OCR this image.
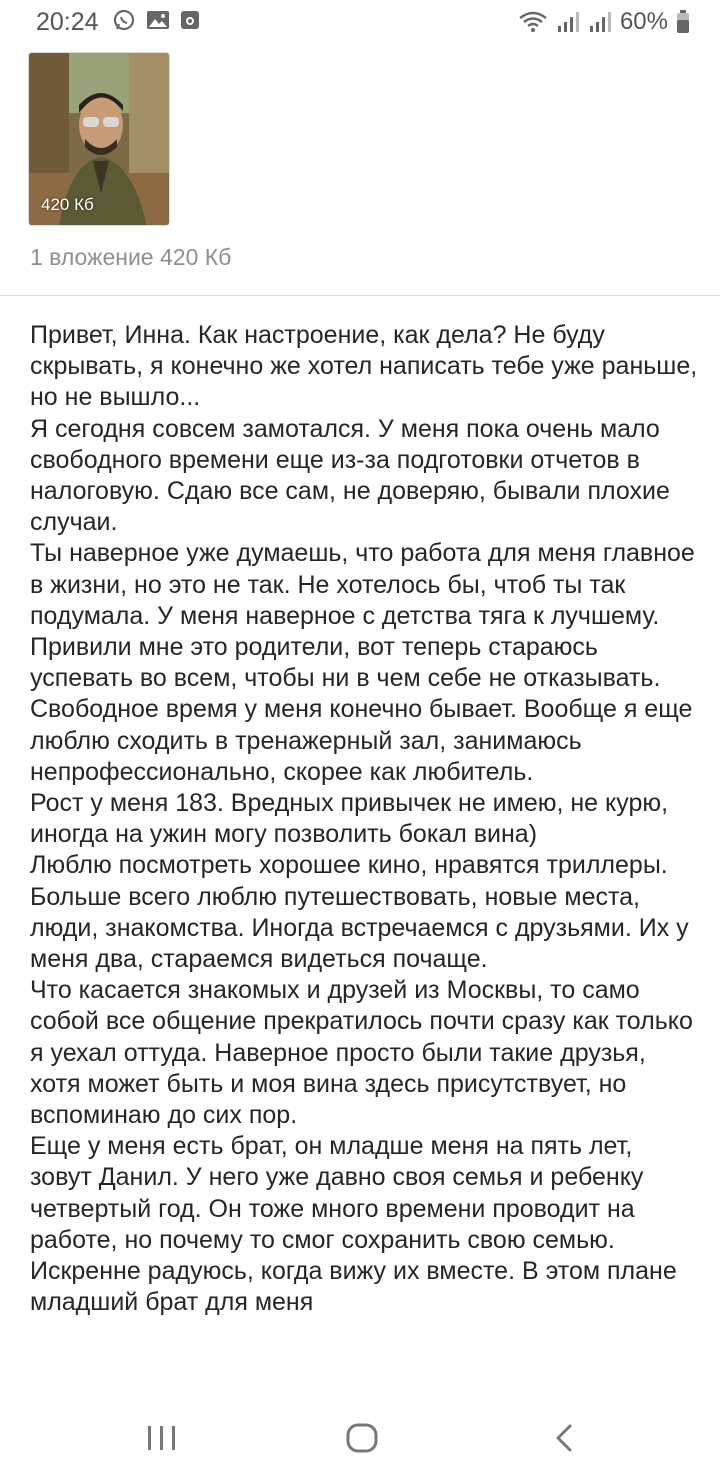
20:24	60%
420 Кб
1 вложение 420 Кб

Привет, Инна. Как настроение, как дела? Не буду скрывать, я конечно же хотел написать тебе уже раньше, но не вышло...

Я сегодня совсем замотался. У меня пока очень мало свободного времени еще из-за подготовки отчетов в налоговую. Сдаю все сам, не доверяю, бывали плохие случаи.

Ты наверное уже думаешь, что работа для меня главное в жизни, но это не так. Не хотелось бы, чтоб ты так подумала. У меня наверное с детства тяга к лучшему. Привили мне это родители, вот теперь стараюсь успевать во всем, чтобы ни в чем себе не отказывать.

Свободное время у меня конечно бывает. Вообще я еще люблю сходить в тренажерный зал, занимаюсь непрофессионально, скорее как любитель.

Рост у меня 183. Вредных привычек не имею, не курю, иногда на ужин могу позволить бокал вина)

Люблю посмотреть хорошее кино, нравятся триллеры. Больше всего люблю путешествовать, новые места, люди, знакомства. Иногда встречаемся с друзьями. Их у меня два, стараемся видеться почаще.

Что касается знакомых и друзей из Москвы, то само собой все общение прекратилось почти сразу как только я уехал оттуда. Наверное просто были такие друзья, хотя может быть и моя вина здесь присутствует, но вспоминаю до сих пор.

Еще у меня есть брат, он младше меня на пять лет, зовут Данил. У него уже давно своя семья и ребенку четвертый год. Он тоже много времени проводит на работе, но почему то смог сохранить свою семью. Искренне радуюсь, когда вижу их вместе. В этом плане младший брат для меня
